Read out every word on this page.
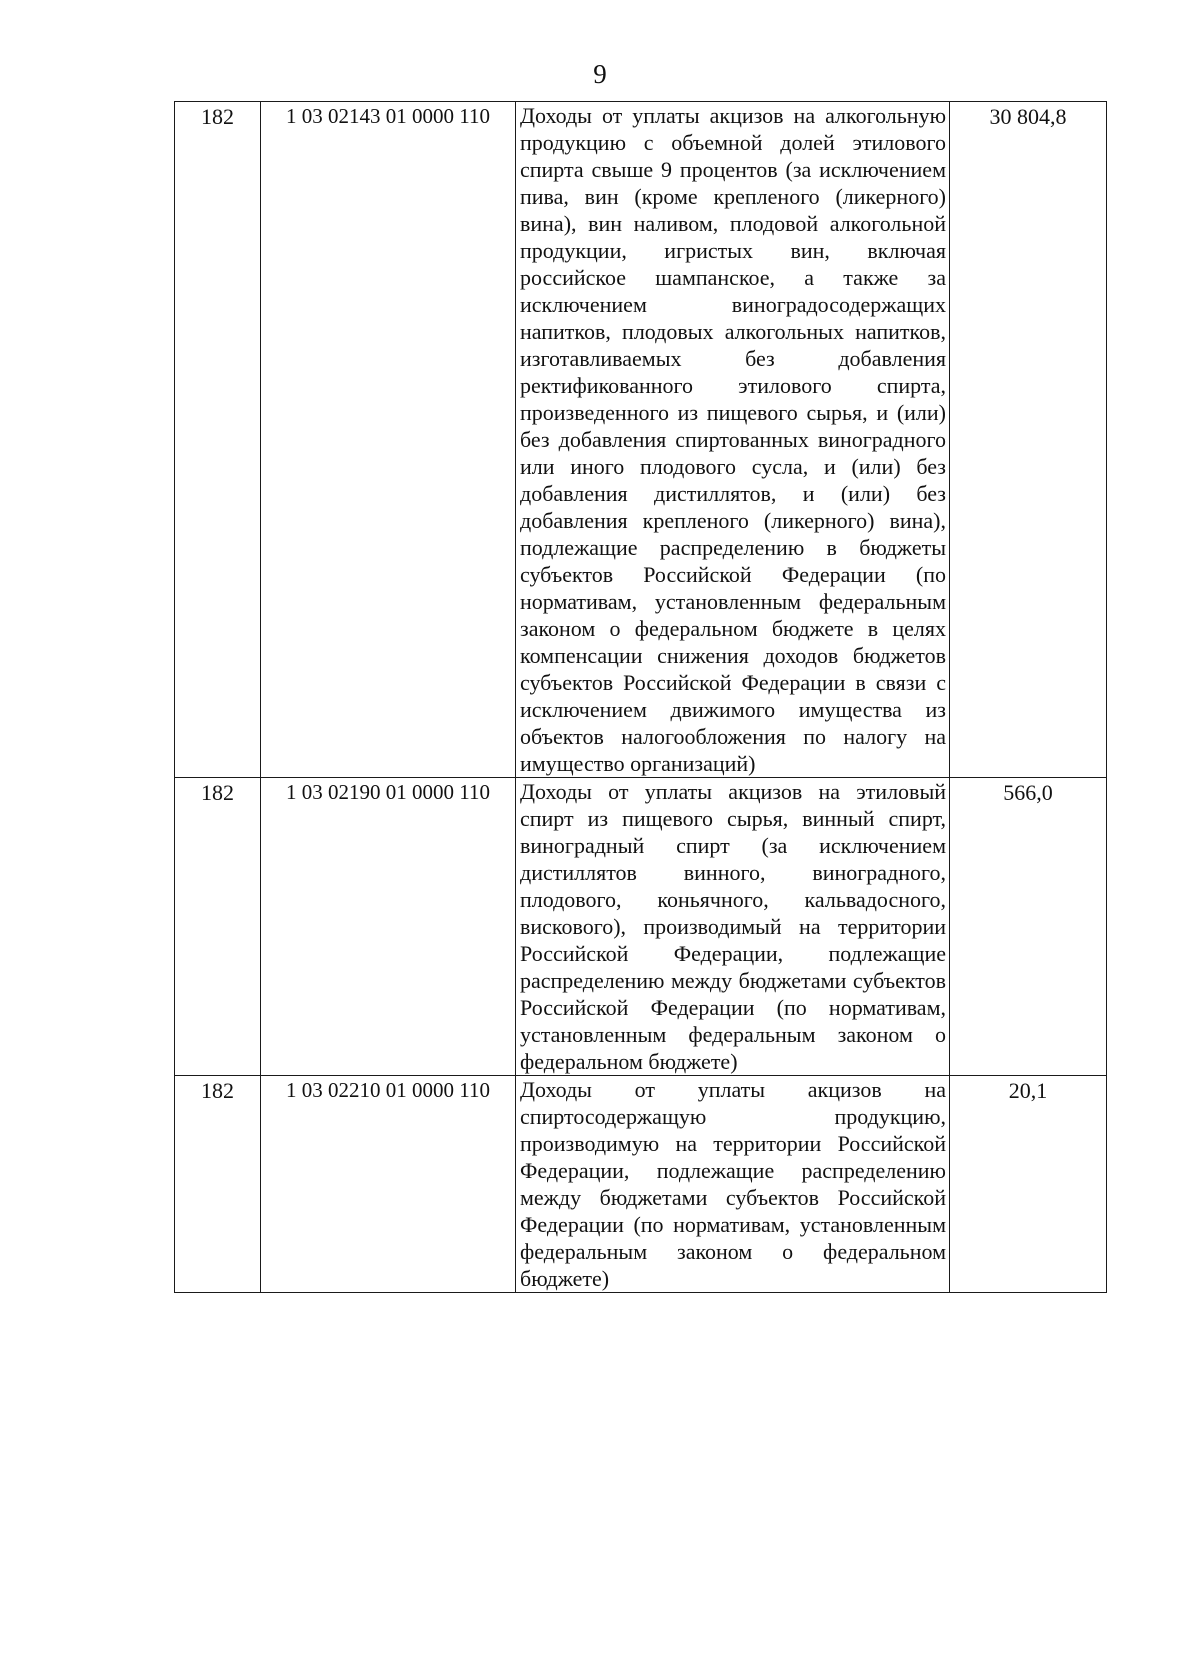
9
182	1 03 02143 01 0000 110	Доходы от уплаты акцизов на алкогольную продукцию с объемной долей этилового спирта свыше 9 процентов (за исключением пива, вин (кроме крепленого (ликерного) вина), вин наливом, плодовой алкогольной продукции, игристых вин, включая российское шампанское, а также за исключением виноградосодержащих напитков, плодовых алкогольных напитков, изготавливаемых без добавления ректификованного этилового спирта, произведенного из пищевого сырья, и (или) без добавления спиртованных виноградного или иного плодового сусла, и (или) без добавления дистиллятов, и (или) без добавления крепленого (ликерного) вина), подлежащие распределению в бюджеты субъектов Российской Федерации (по нормативам, установленным федеральным законом о федеральном бюджете в целях компенсации снижения доходов бюджетов субъектов Российской Федерации в связи с исключением движимого имущества из объектов налогообложения по налогу на имущество организаций)	30 804,8
182	1 03 02190 01 0000 110	Доходы от уплаты акцизов на этиловый спирт из пищевого сырья, винный спирт, виноградный спирт (за исключением дистиллятов винного, виноградного, плодового, коньячного, кальвадосного, вискового), производимый на территории Российской Федерации, подлежащие распределению между бюджетами субъектов Российской Федерации (по нормативам, установленным федеральным законом о федеральном бюджете)	566,0
182	1 03 02210 01 0000 110	Доходы от уплаты акцизов на спиртосодержащую продукцию, производимую на территории Российской Федерации, подлежащие распределению между бюджетами субъектов Российской Федерации (по нормативам, установленным федеральным законом о федеральном бюджете)	20,1
